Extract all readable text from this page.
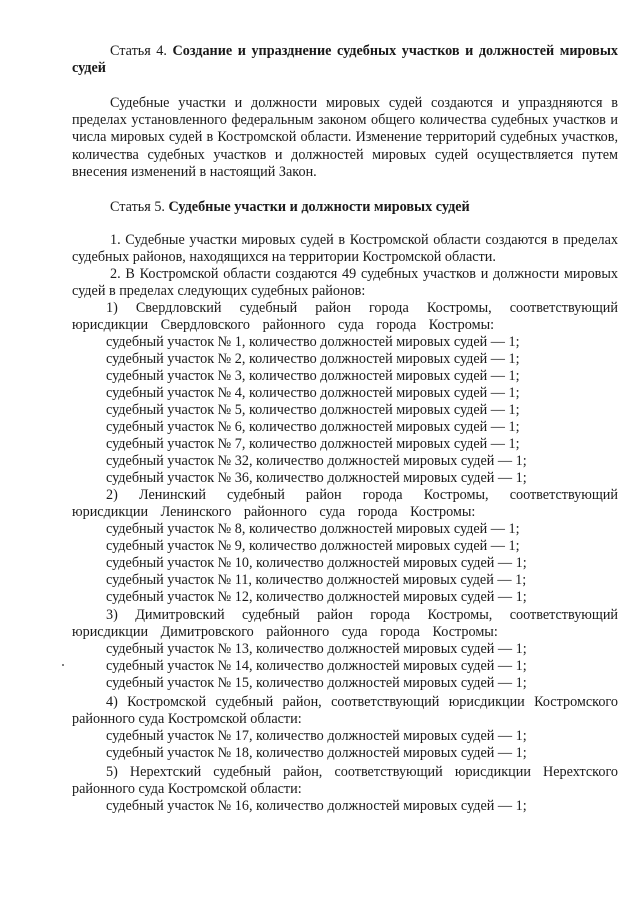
Статья 4. Создание и упразднение судебных участков и должностей мировых судей
Судебные участки и должности мировых судей создаются и упраздняются в пределах установленного федеральным законом общего количества судебных участков и числа мировых судей в Костромской области. Изменение территорий судебных участков, количества судебных участков и должностей мировых судей осуществляется путем внесения изменений в настоящий Закон.
Статья 5. Судебные участки и должности мировых судей
1. Судебные участки мировых судей в Костромской области создаются в пределах судебных районов, находящихся на территории Костромской области.
2. В Костромской области создаются 49 судебных участков и должности мировых судей в пределах следующих судебных районов:
1) Свердловский судебный район города Костромы, соответствующий юрисдикции Свердловского районного суда города Костромы:
судебный участок № 1, количество должностей мировых судей — 1;
судебный участок № 2, количество должностей мировых судей — 1;
судебный участок № 3, количество должностей мировых судей — 1;
судебный участок № 4, количество должностей мировых судей — 1;
судебный участок № 5, количество должностей мировых судей — 1;
судебный участок № 6, количество должностей мировых судей — 1;
судебный участок № 7, количество должностей мировых судей — 1;
судебный участок № 32, количество должностей мировых судей — 1;
судебный участок № 36, количество должностей мировых судей — 1;
2) Ленинский судебный район города Костромы, соответствующий юрисдикции Ленинского районного суда города Костромы:
судебный участок № 8, количество должностей мировых судей — 1;
судебный участок № 9, количество должностей мировых судей — 1;
судебный участок № 10, количество должностей мировых судей — 1;
судебный участок № 11, количество должностей мировых судей — 1;
судебный участок № 12, количество должностей мировых судей — 1;
3) Димитровский судебный район города Костромы, соответствующий юрисдикции Димитровского районного суда города Костромы:
судебный участок № 13, количество должностей мировых судей — 1;
судебный участок № 14, количество должностей мировых судей — 1;
судебный участок № 15, количество должностей мировых судей — 1;
4) Костромской судебный район, соответствующий юрисдикции Костромского районного суда Костромской области:
судебный участок № 17, количество должностей мировых судей — 1;
судебный участок № 18, количество должностей мировых судей — 1;
5) Нерехтский судебный район, соответствующий юрисдикции Нерехтского районного суда Костромской области:
судебный участок № 16, количество должностей мировых судей — 1;
